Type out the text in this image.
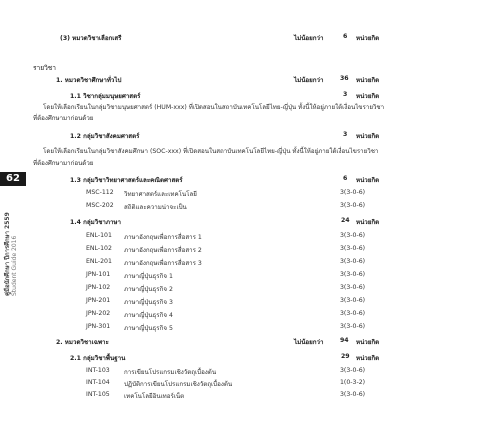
62
คู่มือนักศึกษา ปีการศึกษา 2559 Student Guide 2016
(3) หมวดวิชาเลือกเสรี	ไม่น้อยกว่า	6 หน่วยกิต
รายวิชา
1. หมวดวิชาศึกษาทั่วไป	ไม่น้อยกว่า	36 หน่วยกิต
1.1 วิชากลุ่มมนุษยศาสตร์	3 หน่วยกิต
โดยให้เลือกเรียนในกลุ่มวิชามนุษยศาสตร์ (HUM-xxx) ที่เปิดสอนในสถาบันเทคโนโลยีไทย-ญี่ปุ่น ทั้งนี้ให้อยู่ภายใต้เงื่อนไขรายวิชา
ที่ต้องศึกษามาก่อนด้วย
1.2 กลุ่มวิชาสังคมศาสตร์	3 หน่วยกิต
โดยให้เลือกเรียนในกลุ่มวิชาสังคมศึกษา (SOC-xxx) ที่เปิดสอนในสถาบันเทคโนโลยีไทย-ญี่ปุ่น ทั้งนี้ให้อยู่ภายใต้เงื่อนไขรายวิชา
ที่ต้องศึกษามาก่อนด้วย
1.3 กลุ่มวิชาวิทยาศาสตร์และคณิตศาสตร์	6 หน่วยกิต
MSC-112 วิทยาศาสตร์และเทคโนโลยี	3(3-0-6)
MSC-202 สถิติและความน่าจะเป็น	3(3-0-6)
1.4 กลุ่มวิชาภาษา	24 หน่วยกิต
ENL-101 ภาษาอังกฤษเพื่อการสื่อสาร 1	3(3-0-6)
ENL-102 ภาษาอังกฤษเพื่อการสื่อสาร 2	3(3-0-6)
ENL-201 ภาษาอังกฤษเพื่อการสื่อสาร 3	3(3-0-6)
JPN-101 ภาษาญี่ปุ่นธุรกิจ 1	3(3-0-6)
JPN-102 ภาษาญี่ปุ่นธุรกิจ 2	3(3-0-6)
JPN-201 ภาษาญี่ปุ่นธุรกิจ 3	3(3-0-6)
JPN-202 ภาษาญี่ปุ่นธุรกิจ 4	3(3-0-6)
JPN-301 ภาษาญี่ปุ่นธุรกิจ 5	3(3-0-6)
2. หมวดวิชาเฉพาะ	ไม่น้อยกว่า	94 หน่วยกิต
2.1 กลุ่มวิชาพื้นฐาน	29 หน่วยกิต
INT-103 การเขียนโปรแกรมเชิงวัตถุเบื้องต้น	3(3-0-6)
INT-104 ปฏิบัติการเขียนโปรแกรมเชิงวัตถุเบื้องต้น	1(0-3-2)
INT-105 เทคโนโลยีอินเทอร์เน็ต	3(3-0-6)
